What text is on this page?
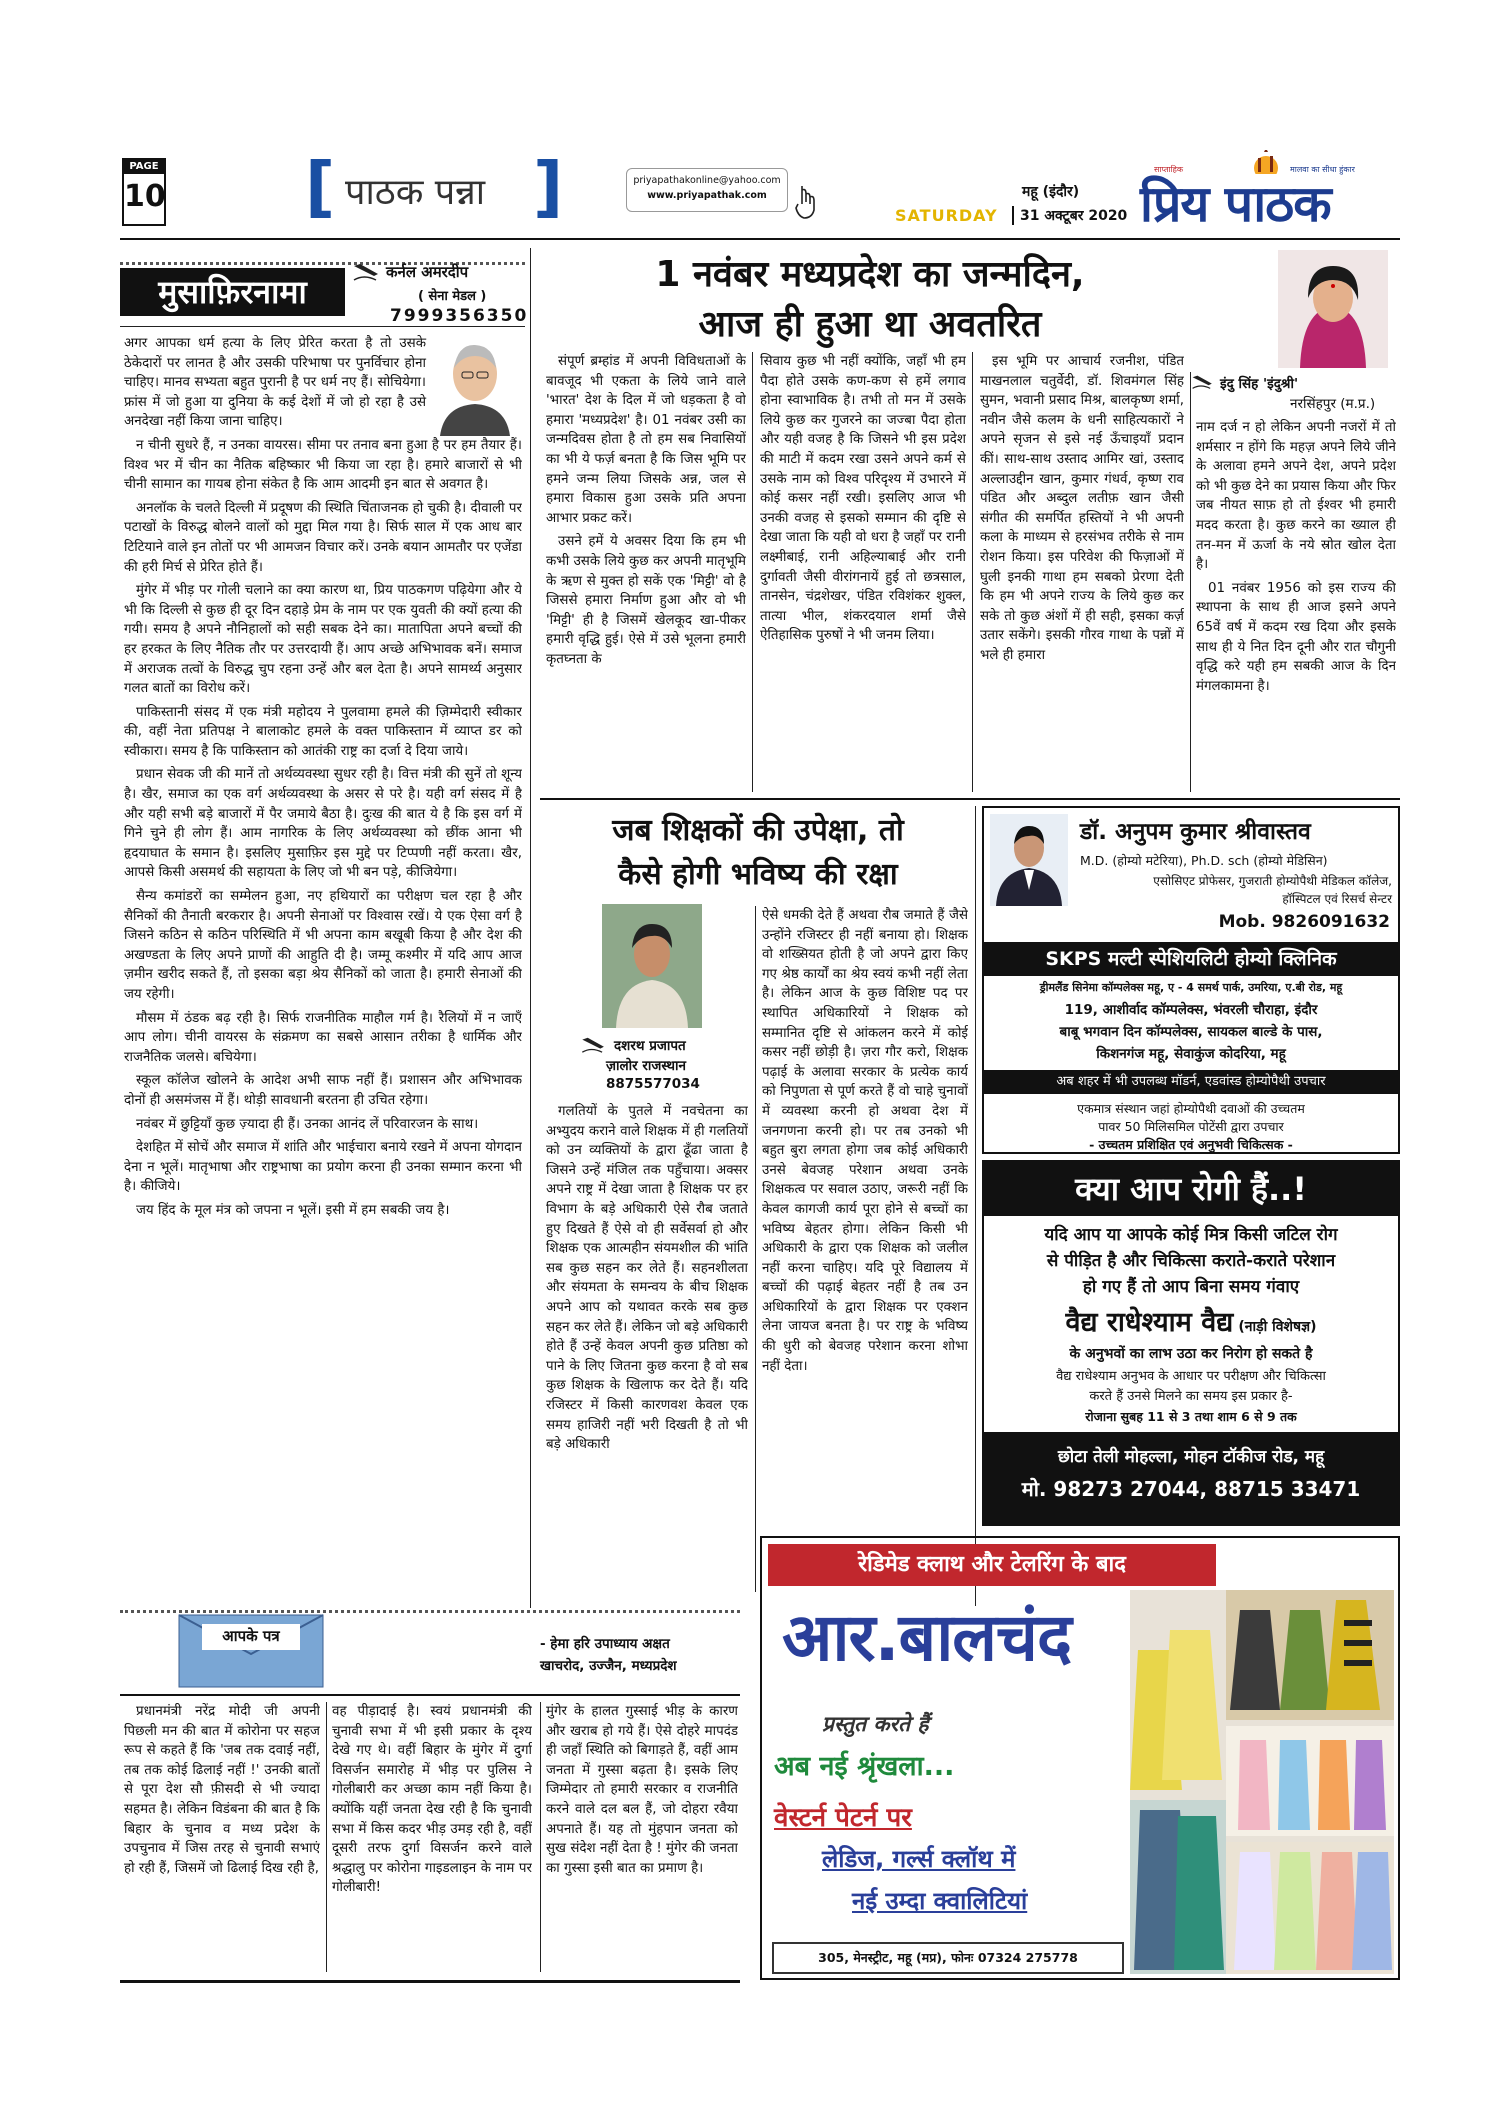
PAGE
10 [ पाठक पन्ना ]	priyapathakonline@yahoo.com
www.priyapathak.com
SATURDAY
महू (इंदौर)
31 अक्टूबर 2020
साप्ताहिक	मालवा का सीधा हुंकार
प्रिय पाठक
मुसाफ़िरनामा
कर्नल अमरदीप
( सेना मेडल )
7999356350

अगर आपका धर्म हत्या के लिए प्रेरित करता है तो उसके ठेकेदारों पर लानत है और उसकी परिभाषा पर पुनर्विचार होना चाहिए। मानव सभ्यता बहुत पुरानी है पर धर्म नए हैं। सोचियेगा। फ्रांस में जो हुआ या दुनिया के कई देशों में जो हो रहा है उसे अनदेखा नहीं किया जाना चाहिए।

न चीनी सुधरे हैं, न उनका वायरस। सीमा पर तनाव बना हुआ है पर हम तैयार हैं। विश्व भर में चीन का नैतिक बहिष्कार भी किया जा रहा है। हमारे बाजारों से भी चीनी सामान का गायब होना संकेत है कि आम आदमी इन बात से अवगत है।

अनलॉक के चलते दिल्ली में प्रदूषण की स्थिति चिंताजनक हो चुकी है। दीवाली पर पटाखों के विरुद्ध बोलने वालों को मुद्दा मिल गया है। सिर्फ साल में एक आध बार टिटियाने वाले इन तोतों पर भी आमजन विचार करें। उनके बयान आमतौर पर एजेंडा की हरी मिर्च से प्रेरित होते हैं।

मुंगेर में भीड़ पर गोली चलाने का क्या कारण था, प्रिय पाठकगण पढ़ियेगा और ये भी कि दिल्ली से कुछ ही दूर दिन दहाड़े प्रेम के नाम पर एक युवती की क्यों हत्या की गयी। समय है अपने नौनिहालों को सही सबक देने का। मातापिता अपने बच्चों की हर हरकत के लिए नैतिक तौर पर उत्तरदायी हैं। आप अच्छे अभिभावक बनें। समाज में अराजक तत्वों के विरुद्ध चुप रहना उन्हें और बल देता है। अपने सामर्थ्य अनुसार गलत बातों का विरोध करें।

पाकिस्तानी संसद में एक मंत्री महोदय ने पुलवामा हमले की ज़िम्मेदारी स्वीकार की, वहीं नेता प्रतिपक्ष ने बालाकोट हमले के वक्त पाकिस्तान में व्याप्त डर को स्वीकारा। समय है कि पाकिस्तान को आतंकी राष्ट्र का दर्जा दे दिया जाये।

प्रधान सेवक जी की मानें तो अर्थव्यवस्था सुधर रही है। वित्त मंत्री की सुनें तो शून्य है। खैर, समाज का एक वर्ग अर्थव्यवस्था के असर से परे है। यही वर्ग संसद में है और यही सभी बड़े बाजारों में पैर जमाये बैठा है। दुःख की बात ये है कि इस वर्ग में गिने चुने ही लोग हैं। आम नागरिक के लिए अर्थव्यवस्था को छींक आना भी हृदयाघात के समान है। इसलिए मुसाफ़िर इस मुद्दे पर टिप्पणी नहीं करता। खैर, आपसे किसी असमर्थ की सहायता के लिए जो भी बन पड़े, कीजियेगा।

सैन्य कमांडरों का सम्मेलन हुआ, नए हथियारों का परीक्षण चल रहा है और सैनिकों की तैनाती बरकरार है। अपनी सेनाओं पर विश्वास रखें। ये एक ऐसा वर्ग है जिसने कठिन से कठिन परिस्थिति में भी अपना काम बखूबी किया है और देश की अखण्डता के लिए अपने प्राणों की आहुति दी है। जम्मू कश्मीर में यदि आप आज ज़मीन खरीद सकते हैं, तो इसका बड़ा श्रेय सैनिकों को जाता है। हमारी सेनाओं की जय रहेगी।

मौसम में ठंडक बढ़ रही है। सिर्फ राजनीतिक माहौल गर्म है। रैलियों में न जाएँ आप लोग। चीनी वायरस के संक्रमण का सबसे आसान तरीका है धार्मिक और राजनैतिक जलसे। बचियेगा।

स्कूल कॉलेज खोलने के आदेश अभी साफ नहीं हैं। प्रशासन और अभिभावक दोनों ही असमंजस में हैं। थोड़ी सावधानी बरतना ही उचित रहेगा।

नवंबर में छुट्टियाँ कुछ ज़्यादा ही हैं। उनका आनंद लें परिवारजन के साथ।

देशहित में सोचें और समाज में शांति और भाईचारा बनाये रखने में अपना योगदान देना न भूलें। मातृभाषा और राष्ट्रभाषा का प्रयोग करना ही उनका सम्मान करना भी है। कीजिये।

जय हिंद के मूल मंत्र को जपना न भूलें। इसी में हम सबकी जय है।

1 नवंबर मध्यप्रदेश का जन्मदिन,
आज ही हुआ था अवतरित
इंदु सिंह 'इंदुश्री'
नरसिंहपुर (म.प्र.)

संपूर्ण ब्रम्हांड में अपनी विविधताओं के बावजूद भी एकता के लिये जाने वाले 'भारत' देश के दिल में जो धड़कता है वो हमारा 'मध्यप्रदेश' है। 01 नवंबर उसी का जन्मदिवस होता है तो हम सब निवासियों का भी ये फर्ज़ बनता है कि जिस भूमि पर हमने जन्म लिया जिसके अन्न, जल से हमारा विकास हुआ उसके प्रति अपना आभार प्रकट करें।

उसने हमें ये अवसर दिया कि हम भी कभी उसके लिये कुछ कर अपनी मातृभूमि के ऋण से मुक्त हो सकें एक 'मिट्टी' वो है जिससे हमारा निर्माण हुआ और वो भी 'मिट्टी' ही है जिसमें खेलकूद खा-पीकर हमारी वृद्धि हुई। ऐसे में उसे भूलना हमारी कृतघ्नता के

सिवाय कुछ भी नहीं क्योंकि, जहाँ भी हम पैदा होते उसके कण-कण से हमें लगाव होना स्वाभाविक है। तभी तो मन में उसके लिये कुछ कर गुजरने का जज्बा पैदा होता और यही वजह है कि जिसने भी इस प्रदेश की माटी में कदम रखा उसने अपने कर्म से उसके नाम को विश्व परिदृश्य में उभारने में कोई कसर नहीं रखी। इसलिए आज भी उनकी वजह से इसको सम्मान की दृष्टि से देखा जाता कि यही वो धरा है जहाँ पर रानी लक्ष्मीबाई, रानी अहिल्याबाई और रानी दुर्गावती जैसी वीरांगनायें हुई तो छत्रसाल, तानसेन, चंद्रशेखर, पंडित रविशंकर शुक्ल, तात्या भील, शंकरदयाल शर्मा जैसे ऐतिहासिक पुरुषों ने भी जनम लिया।

इस भूमि पर आचार्य रजनीश, पंडित माखनलाल चतुर्वेदी, डॉ. शिवमंगल सिंह सुमन, भवानी प्रसाद मिश्र, बालकृष्ण शर्मा, नवीन जैसे कलम के धनी साहित्यकारों ने अपने सृजन से इसे नई ऊँचाइयाँ प्रदान कीं। साथ-साथ उस्ताद आमिर खां, उस्ताद अल्लाउद्दीन खान, कुमार गंधर्व, कृष्ण राव पंडित और अब्दुल लतीफ़ खान जैसी संगीत की समर्पित हस्तियों ने भी अपनी कला के माध्यम से हरसंभव तरीके से नाम रोशन किया। इस परिवेश की फिज़ाओं में घुली इनकी गाथा हम सबको प्रेरणा देती कि हम भी अपने राज्य के लिये कुछ कर सके तो कुछ अंशों में ही सही, इसका कर्ज़ उतार सकेंगे। इसकी गौरव गाथा के पन्नों में भले ही हमारा

नाम दर्ज न हो लेकिन अपनी नजरों में तो शर्मसार न होंगे कि महज़ अपने लिये जीने के अलावा हमने अपने देश, अपने प्रदेश को भी कुछ देने का प्रयास किया और फिर जब नीयत साफ़ हो तो ईश्वर भी हमारी मदद करता है। कुछ करने का ख्याल ही तन-मन में ऊर्जा के नये स्रोत खोल देता है।

01 नवंबर 1956 को इस राज्य की स्थापना के साथ ही आज इसने अपने 65वें वर्ष में कदम रख दिया और इसके साथ ही ये नित दिन दूनी और रात चौगुनी वृद्धि करे यही हम सबकी आज के दिन मंगलकामना है।

जब शिक्षकों की उपेक्षा, तो
कैसे होगी भविष्य की रक्षा
दशरथ प्रजापत
ज़ालोर राजस्थान
8875577034

गलतियों के पुतले में नवचेतना का अभ्युदय कराने वाले शिक्षक में ही गलतियों को उन व्यक्तियों के द्वारा ढूँढा जाता है जिसने उन्हें मंजिल तक पहुँचाया। अक्सर अपने राष्ट्र में देखा जाता है शिक्षक पर हर विभाग के बड़े अधिकारी ऐसे रौब जताते हुए दिखते हैं ऐसे वो ही सर्वेसर्वा हो और शिक्षक एक आत्महीन संयमशील की भांति सब कुछ सहन कर लेते हैं। सहनशीलता और संयमता के समन्वय के बीच शिक्षक अपने आप को यथावत करके सब कुछ सहन कर लेते हैं। लेकिन जो बड़े अधिकारी होते हैं उन्हें केवल अपनी कुछ प्रतिष्ठा को पाने के लिए जितना कुछ करना है वो सब कुछ शिक्षक के खिलाफ कर देते हैं। यदि रजिस्टर में किसी कारणवश केवल एक समय हाजिरी नहीं भरी दिखती है तो भी बड़े अधिकारी

ऐसे धमकी देते हैं अथवा रौब जमाते हैं जैसे उन्होंने रजिस्टर ही नहीं बनाया हो। शिक्षक वो शख्सियत होती है जो अपने द्वारा किए गए श्रेष्ठ कार्यों का श्रेय स्वयं कभी नहीं लेता है। लेकिन आज के कुछ विशिष्ट पद पर स्थापित अधिकारियों ने शिक्षक को सम्मानित दृष्टि से आंकलन करने में कोई कसर नहीं छोड़ी है। ज़रा गौर करो, शिक्षक पढ़ाई के अलावा सरकार के प्रत्येक कार्य को निपुणता से पूर्ण करते हैं वो चाहे चुनावों में व्यवस्था करनी हो अथवा देश में जनगणना करनी हो। पर तब उनको भी बहुत बुरा लगता होगा जब कोई अधिकारी उनसे बेवजह परेशान अथवा उनके शिक्षकत्व पर सवाल उठाए, जरूरी नहीं कि केवल कागजी कार्य पूरा होने से बच्चों का भविष्य बेहतर होगा। लेकिन किसी भी अधिकारी के द्वारा एक शिक्षक को जलील नहीं करना चाहिए। यदि पूरे विद्यालय में बच्चों की पढ़ाई बेहतर नहीं है तब उन अधिकारियों के द्वारा शिक्षक पर एक्शन लेना जायज बनता है। पर राष्ट्र के भविष्य की धुरी को बेवजह परेशान करना शोभा नहीं देता।

डॉ. अनुपम कुमार श्रीवास्तव
M.D. (होम्यो मटेरिया), Ph.D. sch (होम्यो मेडिसिन)
एसोसिएट प्रोफेसर, गुजराती होम्योपैथी मेडिकल कॉलेज, हॉस्पिटल एवं रिसर्च सेन्टर
Mob. 9826091632
SKPS मल्टी स्पेशियलिटी होम्यो क्लिनिक
ड्रीमलैंड सिनेमा कॉम्पलेक्स महू, ए - 4 समर्थ पार्क, उमरिया, ए.बी रोड, महू
119, आशीर्वाद कॉम्पलेक्स, भंवरली चौराहा, इंदौर
बाबू भगवान दिन कॉम्पलेक्स, सायकल बाल्डे के पास,
किशनगंज महू, सेवाकुंज कोदरिया, महू
अब शहर में भी उपलब्ध मॉडर्न, एडवांस्ड होम्योपैथी उपचार
एकमात्र संस्थान जहां होम्योपैथी दवाओं की उच्चतम
पावर 50 मिलिसमिल पोटेंसी द्वारा उपचार
- उच्चतम प्रशिक्षित एवं अनुभवी चिकित्सक -
क्या आप रोगी हैं..!
यदि आप या आपके कोई मित्र किसी जटिल रोग
से पीड़ित है और चिकित्सा कराते-कराते परेशान
हो गए हैं तो आप बिना समय गंवाए
वैद्य राधेश्याम वैद्य (नाड़ी विशेषज्ञ)
के अनुभवों का लाभ उठा कर निरोग हो सकते है
वैद्य राधेश्याम अनुभव के आधार पर परीक्षण और चिकित्सा
करते हैं उनसे मिलने का समय इस प्रकार है-
रोजाना सुबह 11 से 3 तथा शाम 6 से 9 तक
छोटा तेली मोहल्ला, मोहन टॉकीज रोड, महू
मो. 98273 27044, 88715 33471
आपके पत्र	- हेमा हरि उपाध्याय अक्षत
खाचरोद, उज्जैन, मध्यप्रदेश

प्रधानमंत्री नरेंद्र मोदी जी अपनी पिछली मन की बात में कोरोना पर सहज रूप से कहते हैं कि 'जब तक दवाई नहीं, तब तक कोई ढिलाई नहीं !' उनकी बातों से पूरा देश सौ फ़ीसदी से भी ज्यादा सहमत है। लेकिन विडंबना की बात है कि बिहार के चुनाव व मध्य प्रदेश के उपचुनाव में जिस तरह से चुनावी सभाएं हो रही हैं, जिसमें जो ढिलाई दिख रही है,

वह पीड़ादाई है। स्वयं प्रधानमंत्री की चुनावी सभा में भी इसी प्रकार के दृश्य देखे गए थे। वहीं बिहार के मुंगेर में दुर्गा विसर्जन समारोह में भीड़ पर पुलिस ने गोलीबारी कर अच्छा काम नहीं किया है। क्योंकि यहीं जनता देख रही है कि चुनावी सभा में किस कदर भीड़ उमड़ रही है, वहीं दूसरी तरफ दुर्गा विसर्जन करने वाले श्रद्धालु पर कोरोना गाइडलाइन के नाम पर गोलीबारी!

मुंगेर के हालत गुस्साई भीड़ के कारण और खराब हो गये हैं। ऐसे दोहरे मापदंड ही जहाँ स्थिति को बिगाड़ते हैं, वहीं आम जनता में गुस्सा बढ़ता है। इसके लिए जिम्मेदार तो हमारी सरकार व राजनीति करने वाले दल बल हैं, जो दोहरा रवैया अपनाते हैं। यह तो मुंहपान जनता को सुख संदेश नहीं देता है ! मुंगेर की जनता का गुस्सा इसी बात का प्रमाण है।

रेडिमेड क्लाथ और टेलरिंग के बाद
आर.बालचंद
प्रस्तुत करते हैं
अब नई श्रृंखला...
वेस्टर्न पेटर्न पर
लेडिज, गर्ल्स क्लॉथ में
नई उम्दा क्वालिटियां
305, मेनस्ट्रीट, महू (मप्र), फोनः 07324 275778
